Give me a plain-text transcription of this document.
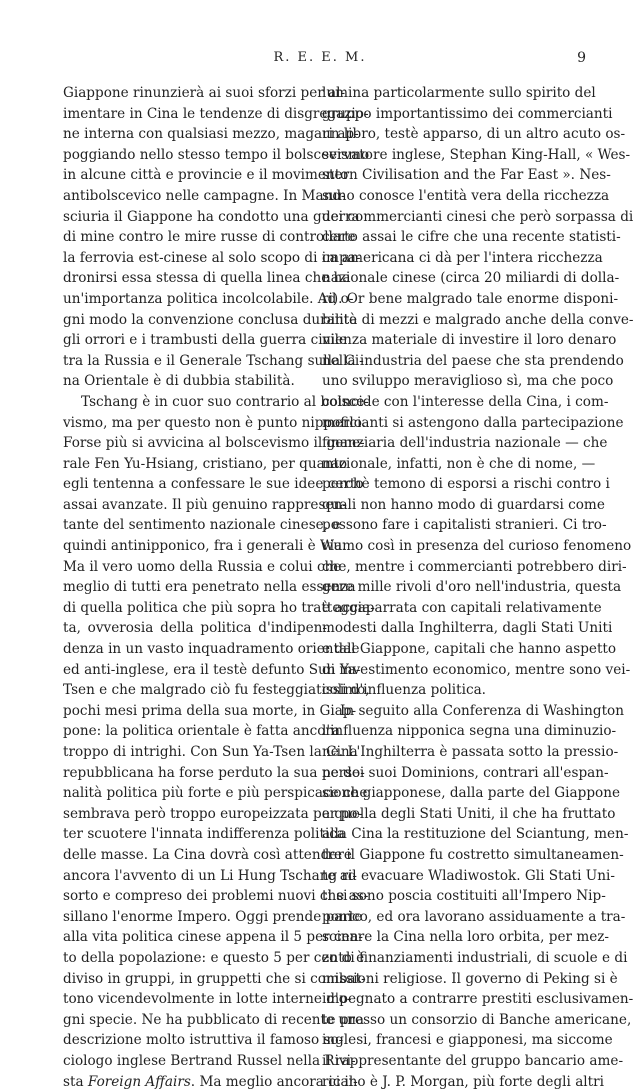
R. E. E. M.	9
Giappone rinunzierà ai suoi sforzi per al-
imentare in Cina le tendenze di disgregazio-
ne interna con qualsiasi mezzo, magari ap-
poggiando nello stesso tempo il bolscevismo
in alcune città e provincie e il movimento
antibolscevico nelle campagne. In Mand-
sciuria il Giappone ha condotto una guerra
di mine contro le mire russe di controllare
la ferrovia est-cinese al solo scopo di impa-
dronirsi essa stessa di quella linea che ha
un'importanza politica incolcolabile. Ad o-
gni modo la convenzione conclusa durante
gli orrori e i trambusti della guerra civile
tra la Russia e il Generale Tschang sulla Ci-
na Orientale è di dubbia stabilità.
Tschang è in cuor suo contrario al bolsce-
vismo, ma per questo non è punto nippofilo.
Forse più si avvicina al bolscevismo il gene-
rale Fen Yu-Hsiang, cristiano, per quanto
egli tentenna a confessare le sue idee certo
assai avanzate. Il più genuino rappresen-
tante del sentimento nazionale cinese, e
quindi antinipponico, fra i generali è Wu.
Ma il vero uomo della Russia e colui che
meglio di tutti era penetrato nella essenza
di quella politica che più sopra ho tratteggia-
ta, ovverosia della politica d'indipen-
denza in un vasto inquadramento orientale
ed anti-inglese, era il testè defunto Sun Ya-
Tsen e che malgrado ciò fu festeggiatissimo,
pochi mesi prima della sua morte, in Giap-
pone: la politica orientale è fatta ancora
troppo di intrighi. Con Sun Ya-Tsen la Cina
repubblicana ha forse perduto la sua perso-
nalità politica più forte e più perspicace che
sembrava però troppo europeizzata per po-
ter scuotere l'innata indifferenza politica
delle masse. La Cina dovrà così attendere
ancora l'avvento di un Li Hung Tschang ri-
sorto e compreso dei problemi nuovi che as-
sillano l'enorme Impero. Oggi prende parte
alla vita politica cinese appena il 5 per cen-
to della popolazione: e questo 5 per cento è
diviso in gruppi, in gruppetti che si combat-
tono vicendevolmente in lotte interne d'o-
gni specie. Ne ha pubblicato di recente una
descrizione molto istruttiva il famoso so-
ciologo inglese Bertrand Russel nella Rivi-
sta Foreign Affairs. Ma meglio ancora ci il-
lumina particolarmente sullo spirito del
gruppo importantissimo dei commercianti
un libro, testè apparso, di un altro acuto os-
servatore inglese, Stephan King-Hall, « Wes-
stern Civilisation and the Far East ». Nes-
suno conosce l'entità vera della ricchezza
dei commercianti cinesi che però sorpassa di
certo assai le cifre che una recente statisti-
ca americana ci dà per l'intera ricchezza
nazionale cinese (circa 20 miliardi di dolla-
ri). Or bene malgrado tale enorme disponi-
bilità di mezzi e malgrado anche della conve-
nienza materiale di investire il loro denaro
nella industria del paese che sta prendendo
uno sviluppo meraviglioso sì, ma che poco
coincide con l'interesse della Cina, i com-
mercianti si astengono dalla partecipazione
finanziaria dell'industria nazionale — che
nazionale, infatti, non è che di nome, —
perchè temono di esporsi a rischi contro i
quali non hanno modo di guardarsi come
possono fare i capitalisti stranieri. Ci tro-
viamo così in presenza del curioso fenomeno
che, mentre i commercianti potrebbero diri-
gere mille rivoli d'oro nell'industria, questa
è accaparrata con capitali relativamente
modesti dalla Inghilterra, dagli Stati Uniti
e dal Giappone, capitali che hanno aspetto
di investimento economico, mentre sono vei-
coli d'influenza politica.
In seguito alla Conferenza di Washington
l'influenza nipponica segna una diminuzio-
ne. L'Inghilterra è passata sotto la pressio-
ne dei suoi Dominions, contrari all'espan-
sione giapponese, dalla parte del Giappone
a quella degli Stati Uniti, il che ha fruttato
alla Cina la restituzione del Sciantung, men-
tre il Giappone fu costretto simultaneamen-
te ad evacuare Wladiwostok. Gli Stati Uni-
ti si sono poscia costituiti all'Impero Nip-
ponico, ed ora lavorano assiduamente a tra-
scinare la Cina nella loro orbita, per mez-
zo di finanziamenti industriali, di scuole e di
missioni religiose. Il governo di Peking si è
impegnato a contrarre prestiti esclusivamen-
te presso un consorzio di Banche americane,
inglesi, francesi e giapponesi, ma siccome
il rappresentante del gruppo bancario ame-
ricano è J. P. Morgan, più forte degli altri
